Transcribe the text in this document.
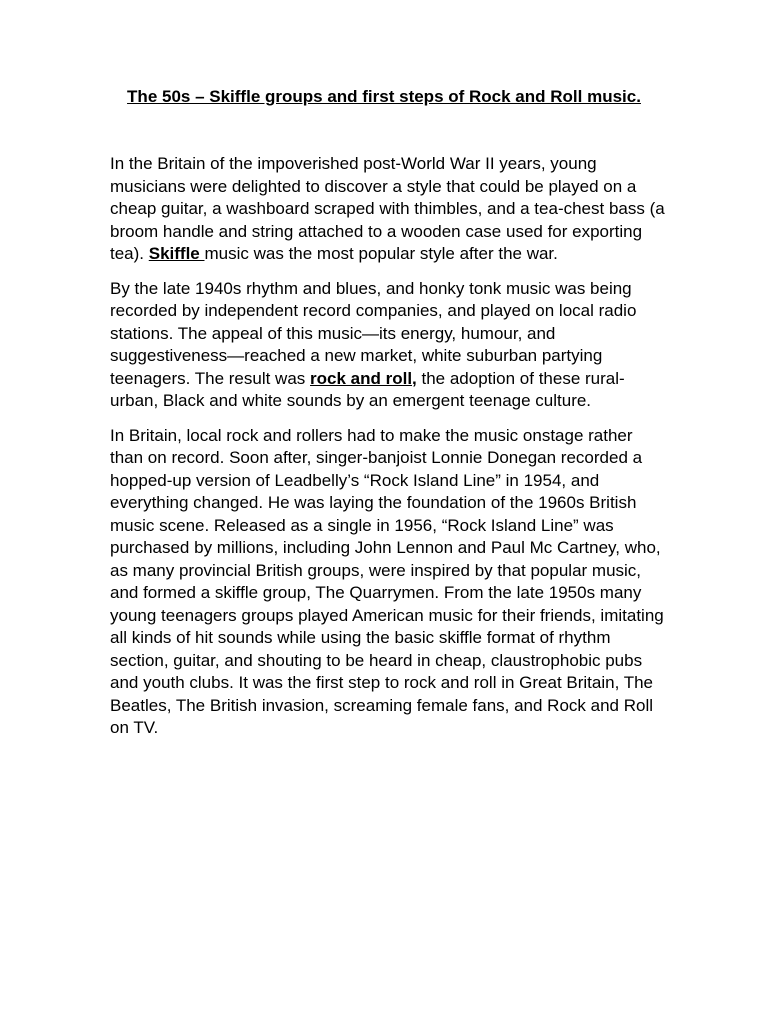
The 50s – Skiffle groups and first steps of Rock and Roll music.

In the Britain of the impoverished post-World War II years, young musicians were delighted to discover a style that could be played on a cheap guitar, a washboard scraped with thimbles, and a tea-chest bass (a broom handle and string attached to a wooden case used for exporting tea). Skiffle music was the most popular style after the war.

By the late 1940s rhythm and blues, and honky tonk music was being recorded by independent record companies, and played on local radio stations. The appeal of this music—its energy, humour, and suggestiveness—reached a new market, white suburban partying teenagers. The result was rock and roll, the adoption of these rural-urban, Black and white sounds by an emergent teenage culture.

In Britain, local rock and rollers had to make the music onstage rather than on record. Soon after, singer-banjoist Lonnie Donegan recorded a hopped-up version of Leadbelly’s “Rock Island Line” in 1954, and everything changed. He was laying the foundation of the 1960s British music scene. Released as a single in 1956, “Rock Island Line” was purchased by millions, including John Lennon and Paul Mc Cartney, who, as many provincial British groups, were inspired by that popular music, and formed a skiffle group, The Quarrymen. From the late 1950s many young teenagers groups played American music for their friends, imitating all kinds of hit sounds while using the basic skiffle format of rhythm section, guitar, and shouting to be heard in cheap, claustrophobic pubs and youth clubs. It was the first step to rock and roll in Great Britain, The Beatles, The British invasion, screaming female fans, and Rock and Roll on TV.
